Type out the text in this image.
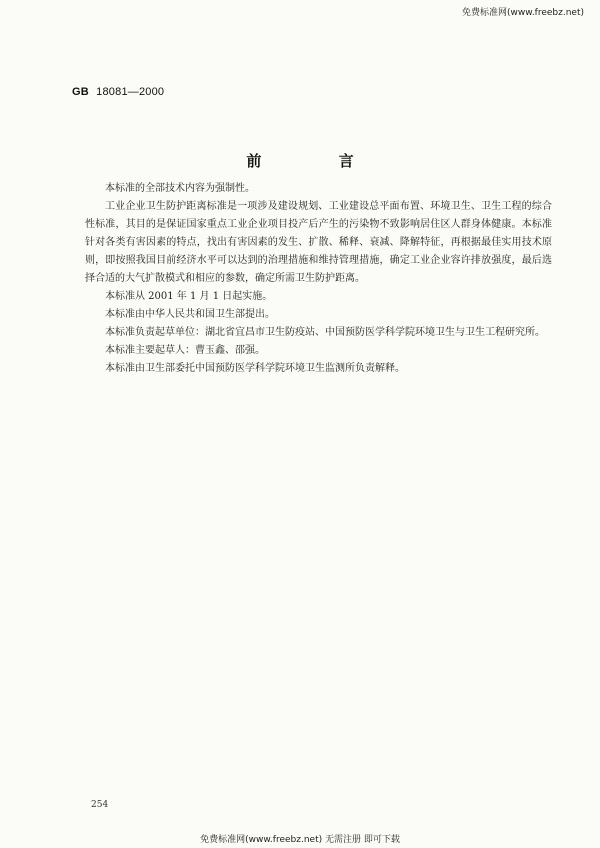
免费标准网(www.freebz.net)
GB 18081—2000
前 言

本标准的全部技术内容为强制性。

工业企业卫生防护距离标准是一项涉及建设规划、工业建设总平面布置、环境卫生、卫生工程的综合性标准，其目的是保证国家重点工业企业项目投产后产生的污染物不致影响居住区人群身体健康。本标准针对各类有害因素的特点，找出有害因素的发生、扩散、稀释、衰减、降解特征，再根据最佳实用技术原则，即按照我国目前经济水平可以达到的治理措施和维持管理措施，确定工业企业容许排放强度，最后选择合适的大气扩散模式和相应的参数，确定所需卫生防护距离。

本标准从 2001 年 1 月 1 日起实施。

本标准由中华人民共和国卫生部提出。

本标准负责起草单位：湖北省宜昌市卫生防疫站、中国预防医学科学院环境卫生与卫生工程研究所。

本标准主要起草人：曹玉鑫、邵强。

本标准由卫生部委托中国预防医学科学院环境卫生监测所负责解释。

254
免费标准网(www.freebz.net) 无需注册 即可下载
